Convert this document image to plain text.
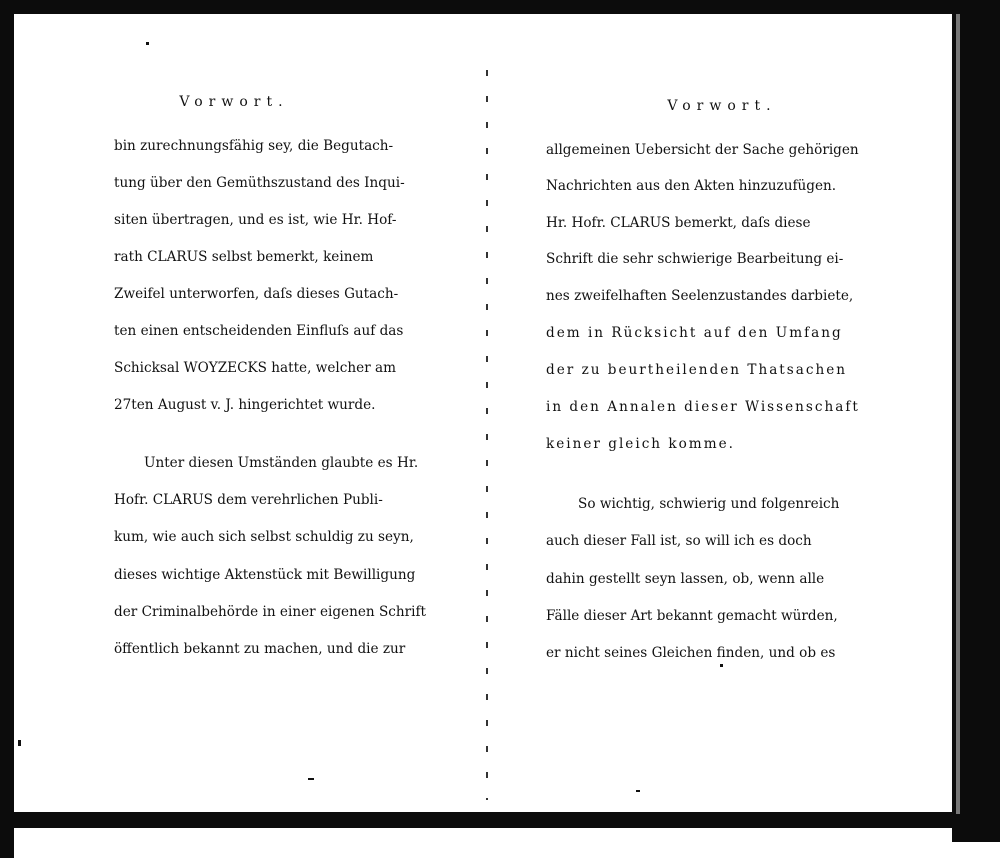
Vorwort.
bin zurechnungsfähig sey, die Begutach-
tung über den Gemüthszustand des Inqui-
siten übertragen, und es ist, wie Hr. Hof-
rath CLARUS selbst bemerkt, keinem
Zweifel unterworfen, daſs dieses Gutach-
ten einen entscheidenden Einfluſs auf das
Schicksal WOYZECKS hatte, welcher am
27ten August v. J. hingerichtet wurde.
Unter diesen Umständen glaubte es Hr.
Hofr. CLARUS dem verehrlichen Publi-
kum, wie auch sich selbst schuldig zu seyn,
dieses wichtige Aktenstück mit Bewilligung
der Criminalbehörde in einer eigenen Schrift
öffentlich bekannt zu machen, und die zur
Vorwort.
allgemeinen Uebersicht der Sache gehörigen
Nachrichten aus den Akten hinzuzufügen.
Hr. Hofr. CLARUS bemerkt, daſs diese
Schrift die sehr schwierige Bearbeitung ei-
nes zweifelhaften Seelenzustandes darbiete,
dem in Rücksicht auf den Umfang
der zu beurtheilenden Thatsachen
in den Annalen dieser Wissenschaft
keiner gleich komme.
So wichtig, schwierig und folgenreich
auch dieser Fall ist, so will ich es doch
dahin gestellt seyn lassen, ob, wenn alle
Fälle dieser Art bekannt gemacht würden,
er nicht seines Gleichen finden, und ob es
